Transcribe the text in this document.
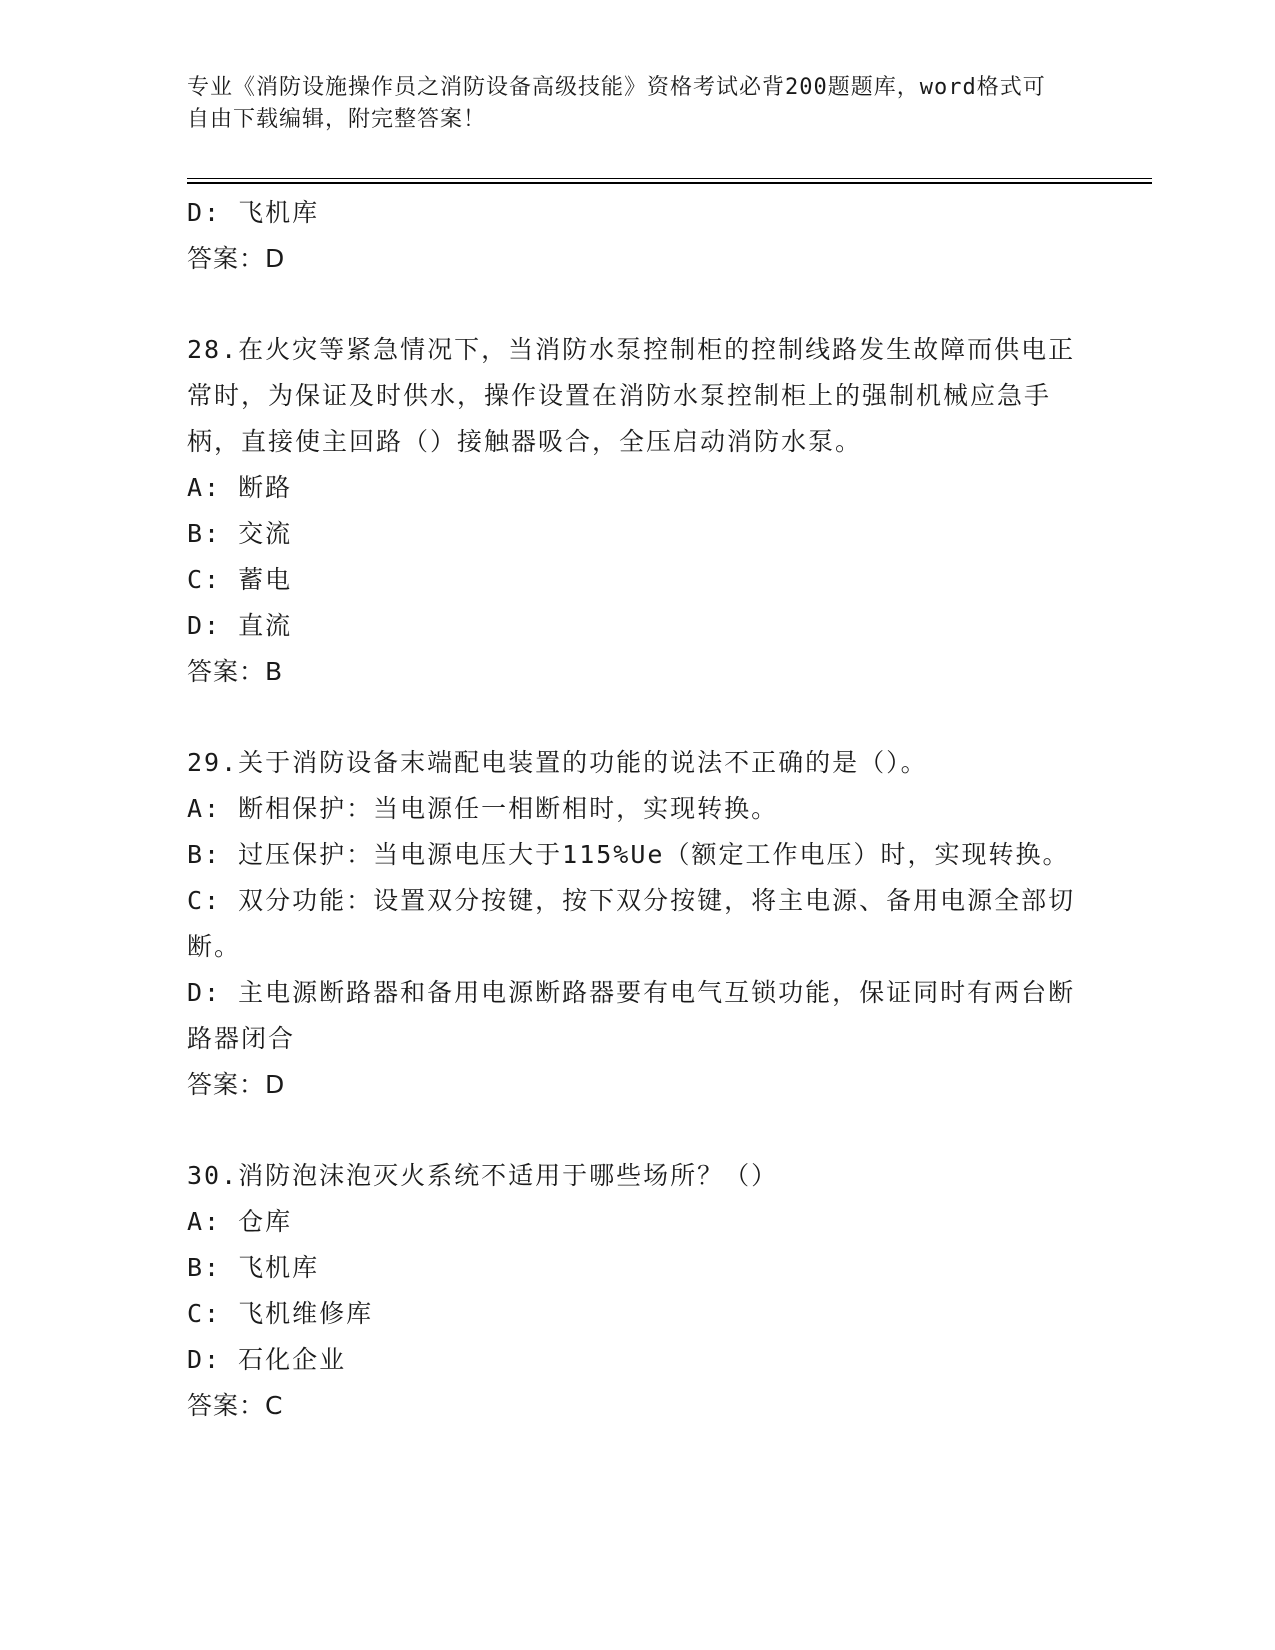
专业《消防设施操作员之消防设备高级技能》资格考试必背200题题库，word格式可自由下载编辑，附完整答案！
D: 飞机库
答案：D
28.在火灾等紧急情况下，当消防水泵控制柜的控制线路发生故障而供电正常时，为保证及时供水，操作设置在消防水泵控制柜上的强制机械应急手柄，直接使主回路（）接触器吸合，全压启动消防水泵。
A: 断路
B: 交流
C: 蓄电
D: 直流
答案：B
29.关于消防设备末端配电装置的功能的说法不正确的是（）。
A: 断相保护：当电源任一相断相时，实现转换。
B: 过压保护：当电源电压大于115%Ue（额定工作电压）时，实现转换。
C: 双分功能：设置双分按键，按下双分按键，将主电源、备用电源全部切断。
D: 主电源断路器和备用电源断路器要有电气互锁功能，保证同时有两台断路器闭合
答案：D
30.消防泡沫泡灭火系统不适用于哪些场所？（）
A: 仓库
B: 飞机库
C: 飞机维修库
D: 石化企业
答案：C
